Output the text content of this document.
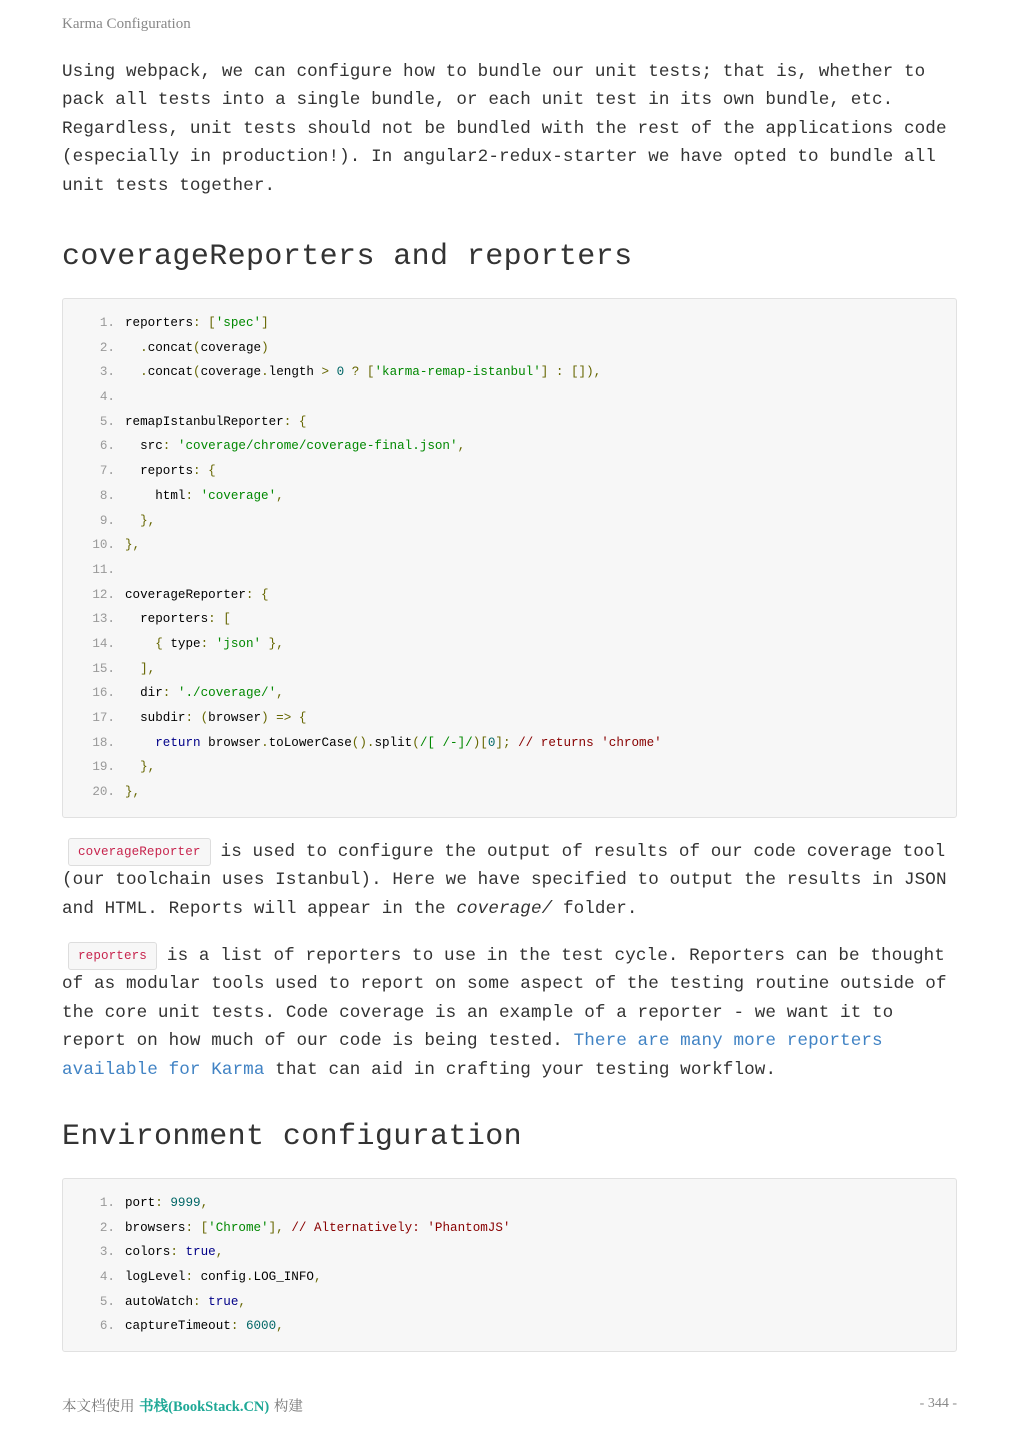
Karma Configuration

Using webpack, we can configure how to bundle our unit tests; that is, whether to pack all tests into a single bundle, or each unit test in its own bundle, etc. Regardless, unit tests should not be bundled with the rest of the applications code (especially in production!). In angular2-redux-starter we have opted to bundle all unit tests together.

coverageReporters and reporters
1. reporters: ['spec']
2. .concat(coverage)
3. .concat(coverage.length > 0 ? ['karma-remap-istanbul'] : []),
4.
5. remapIstanbulReporter: {
6.  src: 'coverage/chrome/coverage-final.json',
7.  reports: {
8.    html: 'coverage',
9.  },
10. },
11.
12. coverageReporter: {
13.  reporters: [
14.    { type: 'json' },
15.  ],
16.  dir: './coverage/',
17.  subdir: (browser) => {
18.	return browser.toLowerCase().split(/[ /-]/)[0]; // returns 'chrome'
19.  },
20. },

coverageReporter is used to configure the output of results of our code coverage tool (our toolchain uses Istanbul). Here we have specified to output the results in JSON and HTML. Reports will appear in the coverage/ folder.

reporters is a list of reporters to use in the test cycle. Reporters can be thought of as modular tools used to report on some aspect of the testing routine outside of the core unit tests. Code coverage is an example of a reporter - we want it to report on how much of our code is being tested. There are many more reporters available for Karma that can aid in crafting your testing workflow.

Environment configuration
1. port: 9999,
2. browsers: ['Chrome'], // Alternatively: 'PhantomJS'
3. colors: true,
4. logLevel: config.LOG_INFO,
5. autoWatch: true,
6. captureTimeout: 6000,
本文档使用 书栈(BookStack.CN) 构建	- 344 -
